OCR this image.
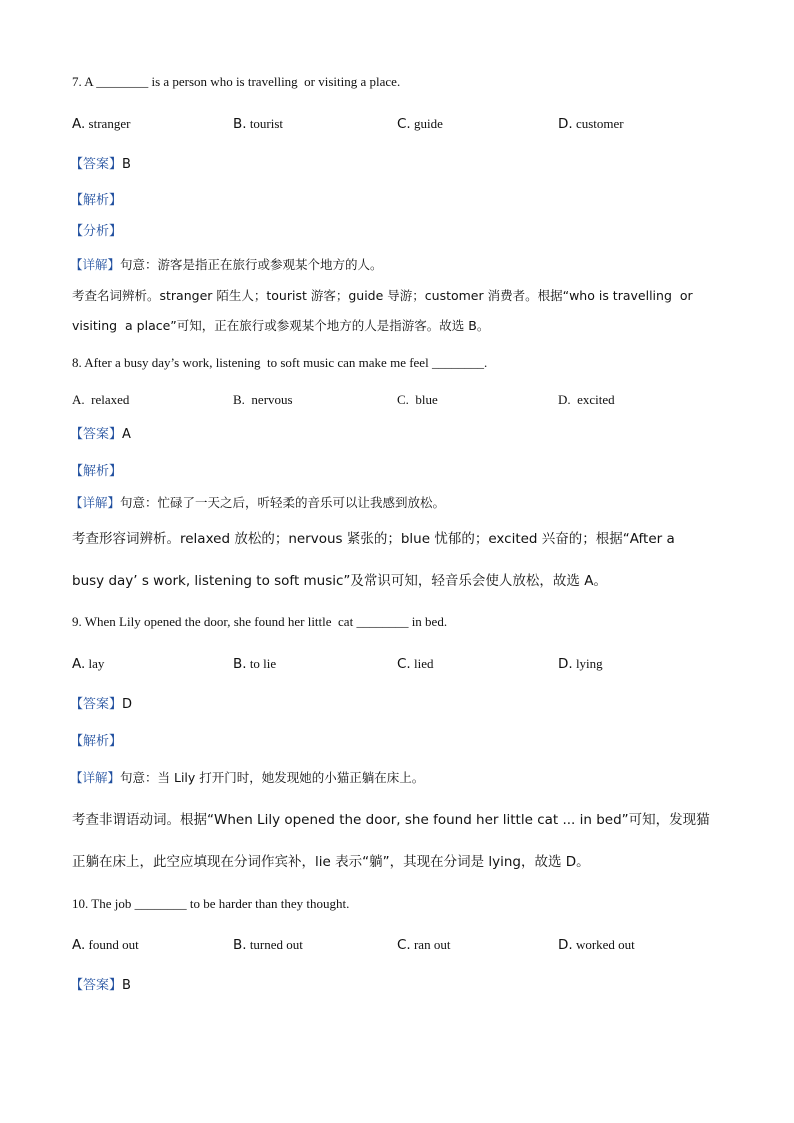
7. A ________ is a person who is travelling  or visiting a place.
A. stranger	B. tourist	C. guide	D. customer
【答案】B
【解析】
【分析】
【详解】句意：游客是指正在旅行或参观某个地方的人。
考查名词辨析。stranger 陌生人；tourist 游客；guide 导游；customer 消费者。根据“who is travelling  or
visiting  a place”可知，正在旅行或参观某个地方的人是指游客。故选 B。
8. After a busy day’s work, listening  to soft music can make me feel ________.
A.  relaxed	B.  nervous	C.  blue	D.  excited
【答案】A
【解析】
【详解】句意：忙碌了一天之后，听轻柔的音乐可以让我感到放松。
考查形容词辨析。relaxed 放松的；nervous 紧张的；blue 忧郁的；excited 兴奋的；根据“After a
busy day’ s work, listening to soft music”及常识可知，轻音乐会使人放松，故选 A。
9. When Lily opened the door, she found her little  cat ________ in bed.
A. lay	B. to lie	C. lied	D. lying
【答案】D
【解析】
【详解】句意：当 Lily 打开门时，她发现她的小猫正躺在床上。
考查非谓语动词。根据“When Lily opened the door, she found her little cat ... in bed”可知，发现猫
正躺在床上，此空应填现在分词作宾补，lie 表示“躺”，其现在分词是 lying，故选 D。
10. The job ________ to be harder than they thought.
A. found out	B. turned out	C. ran out	D. worked out
【答案】B
